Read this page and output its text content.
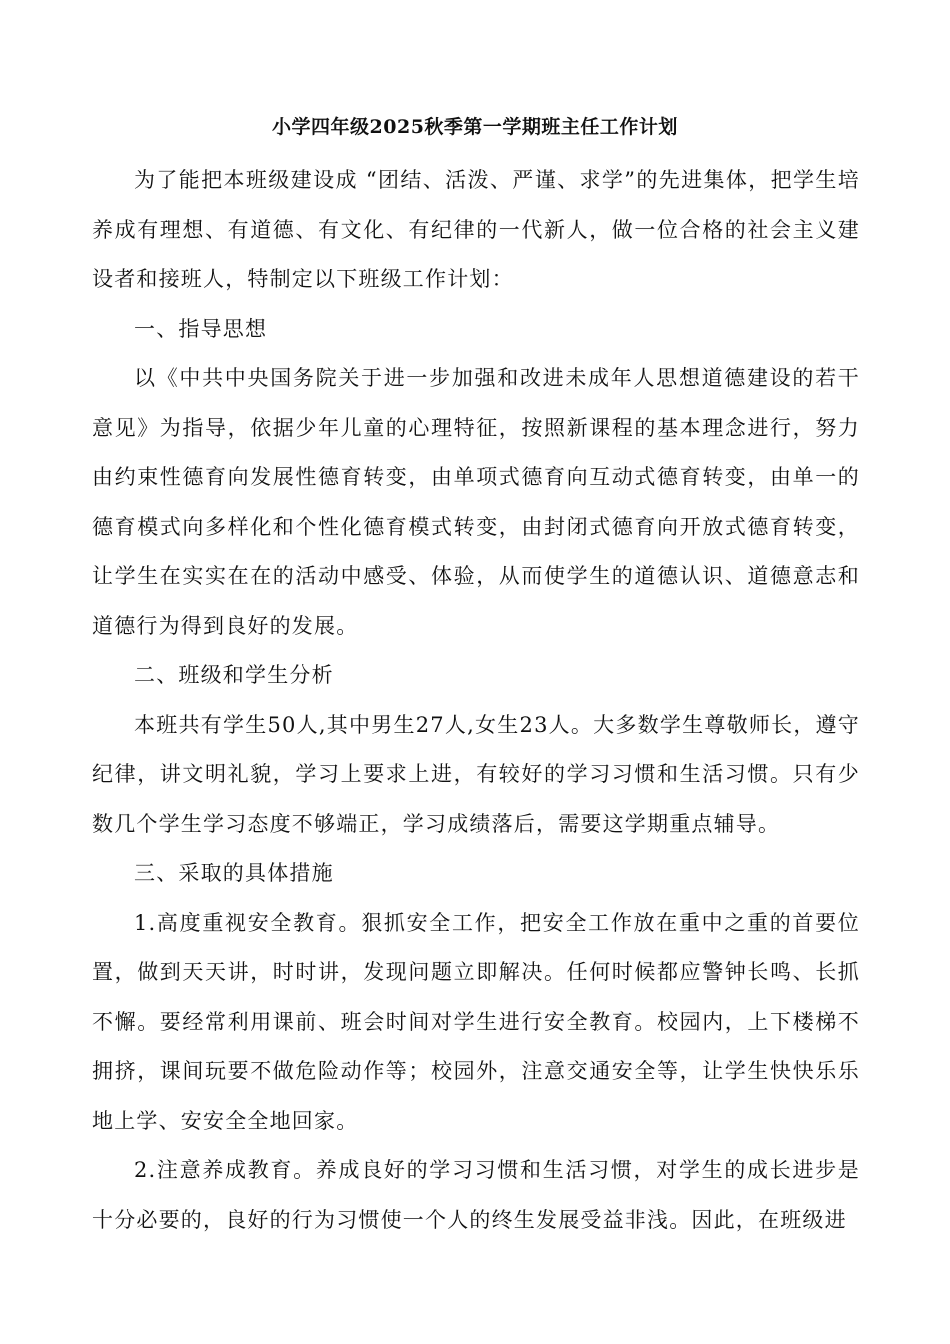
小学四年级2025秋季第一学期班主任工作计划

为了能把本班级建设成 “团结、活泼、严谨、求学”的先进集体，把学生培养成有理想、有道德、有文化、有纪律的一代新人，做一位合格的社会主义建设者和接班人，特制定以下班级工作计划：

一、指导思想

以《中共中央国务院关于进一步加强和改进未成年人思想道德建设的若干意见》为指导，依据少年儿童的心理特征，按照新课程的基本理念进行，努力由约束性德育向发展性德育转变，由单项式德育向互动式德育转变，由单一的德育模式向多样化和个性化德育模式转变，由封闭式德育向开放式德育转变，让学生在实实在在的活动中感受、体验，从而使学生的道德认识、道德意志和道德行为得到良好的发展。

二、班级和学生分析

本班共有学生50人,其中男生27人,女生23人。大多数学生尊敬师长，遵守纪律，讲文明礼貌，学习上要求上进，有较好的学习习惯和生活习惯。只有少数几个学生学习态度不够端正，学习成绩落后，需要这学期重点辅导。

三、采取的具体措施

1.高度重视安全教育。狠抓安全工作，把安全工作放在重中之重的首要位置，做到天天讲，时时讲，发现问题立即解决。任何时候都应警钟长鸣、长抓不懈。要经常利用课前、班会时间对学生进行安全教育。校园内，上下楼梯不拥挤，课间玩要不做危险动作等；校园外，注意交通安全等，让学生快快乐乐地上学、安安全全地回家。

2.注意养成教育。养成良好的学习习惯和生活习惯，对学生的成长进步是十分必要的，良好的行为习惯使一个人的终生发展受益非浅。因此，在班级进
